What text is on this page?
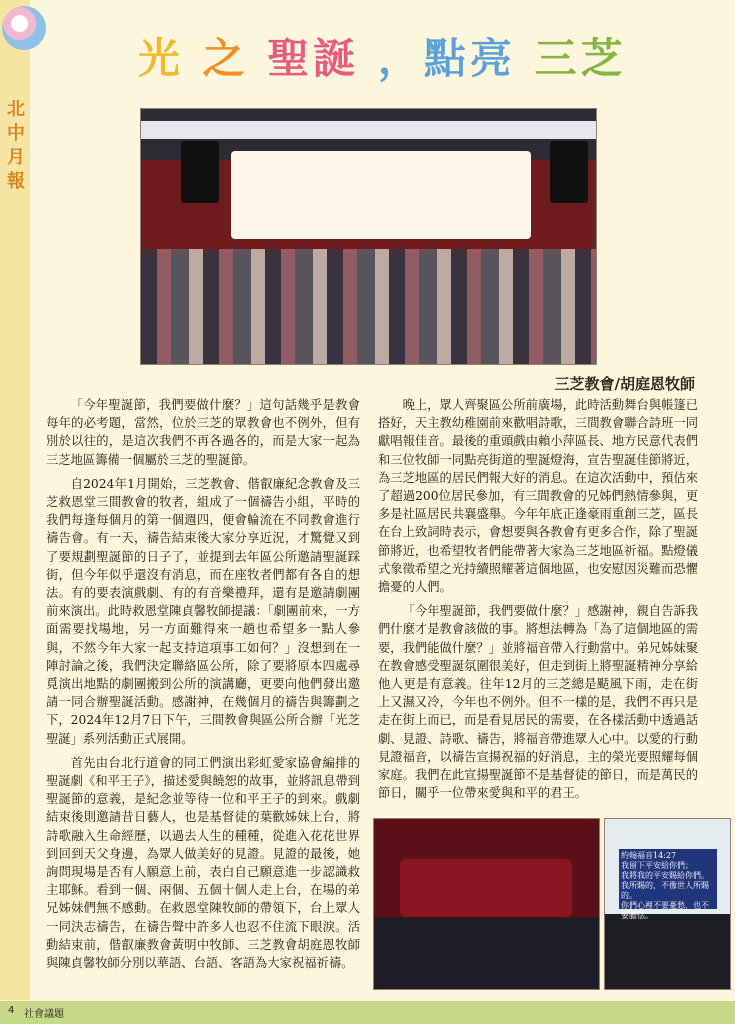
北中月報
光 之 聖誕 ，點亮 三芝
三芝教會/胡庭恩牧師

「今年聖誕節，我們要做什麼？」這句話幾乎是教會每年的必考題，當然，位於三芝的眾教會也不例外，但有別於以往的，是這次我們不再各過各的，而是大家一起為三芝地區籌備一個屬於三芝的聖誕節。

自2024年1月開始，三芝教會、偕叡廉紀念教會及三芝救恩堂三間教會的牧者，組成了一個禱告小組，平時的我們每逢每個月的第一個週四，便會輪流在不同教會進行禱告會。有一天，禱告結束後大家分享近況，才驚覺又到了要規劃聖誕節的日子了，並提到去年區公所邀請聖誕踩街，但今年似乎還沒有消息，而在座牧者們都有各自的想法。有的要表演戲劇、有的有音樂禮拜，還有是邀請劇團前來演出。此時救恩堂陳貞馨牧師提議：「劇團前來，一方面需要找場地，另一方面難得來一趟也希望多一點人參與，不然今年大家一起支持這項事工如何？」沒想到在一陣討論之後，我們決定聯絡區公所，除了要將原本四處尋覓演出地點的劇團搬到公所的演講廳，更要向他們發出邀請一同合辦聖誕活動。感謝神，在幾個月的禱告與籌劃之下，2024年12月7日下午，三間教會與區公所合辦「光芝聖誕」系列活動正式展開。

首先由台北行道會的同工們演出彩虹愛家協會編排的聖誕劇《和平王子》，描述愛與饒恕的故事，並將訊息帶到聖誕節的意義，是紀念並等待一位和平王子的到來。戲劇結束後則邀請昔日藝人，也是基督徒的葉歡姊妹上台，將詩歌融入生命經歷，以過去人生的種種，從進入花花世界到回到天父身邊，為眾人做美好的見證。見證的最後，她詢問現場是否有人願意上前，表白自己願意進一步認識救主耶穌。看到一個、兩個、五個十個人走上台，在場的弟兄姊妹們無不感動。在救恩堂陳牧師的帶領下，台上眾人一同決志禱告，在禱告聲中許多人也忍不住流下眼淚。活動結束前，偕叡廉教會黃明中牧師、三芝教會胡庭恩牧師與陳貞馨牧師分別以華語、台語、客語為大家祝福祈禱。

晚上，眾人齊聚區公所前廣場，此時活動舞台與帳篷已搭好，天主教幼稚園前來歡唱詩歌，三間教會聯合詩班一同獻唱報佳音。最後的重頭戲由賴小萍區長、地方民意代表們和三位牧師一同點亮街道的聖誕燈海，宣告聖誕佳節將近，為三芝地區的居民們報大好的消息。在這次活動中，預估來了超過200位居民參加，有三間教會的兄姊們熱情參與，更多是社區居民共襄盛舉。今年年底正逢豪雨重創三芝，區長在台上致詞時表示，會想要與各教會有更多合作，除了聖誕節將近，也希望牧者們能帶著大家為三芝地區祈福。點燈儀式象徵希望之光持續照耀著這個地區，也安慰因災難而恐懼擔憂的人們。

「今年聖誕節，我們要做什麼？」感謝神，親自告訴我們什麼才是教會該做的事。將想法轉為「為了這個地區的需要，我們能做什麼？」並將福音帶入行動當中。弟兄姊妹聚在教會感受聖誕氛圍很美好，但走到街上將聖誕精神分享給他人更是有意義。往年12月的三芝總是颳風下雨，走在街上又濕又冷，今年也不例外。但不一樣的是，我們不再只是走在街上而已，而是看見居民的需要，在各樣活動中透過話劇、見證、詩歌、禱告，將福音帶進眾人心中。以愛的行動見證福音，以禱告宣揚祝福的好消息，主的榮光要照耀每個家庭。我們在此宣揚聖誕節不是基督徒的節日，而是萬民的節日，關乎一位帶來愛與和平的君王。

約翰福音14:27
我留下平安給你們；
我將我的平安賜給你們。
我所賜的，不像世人所賜的。
你們心裡不要憂愁，也不要膽怯。
4 社會議題
